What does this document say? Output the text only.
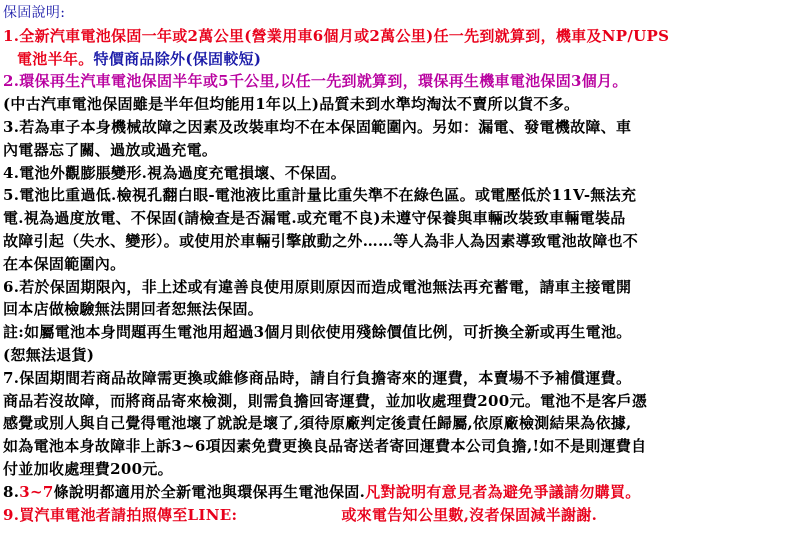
保固說明:
1.全新汽車電池保固一年或2萬公里(營業用車6個月或2萬公里)任一先到就算到，機車及NP/UPS
電池半年。特價商品除外(保固較短)
2.環保再生汽車電池保固半年或5千公里,以任一先到就算到，環保再生機車電池保固3個月。
(中古汽車電池保固雖是半年但均能用1年以上)品質未到水準均淘汰不賣所以貨不多。
3.若為車子本身機械故障之因素及改裝車均不在本保固範圍內。另如：漏電、發電機故障、車
內電器忘了關、過放或過充電。
4.電池外觀膨脹變形.視為過度充電損壞、不保固。
5.電池比重過低.檢視孔翻白眼-電池液比重計量比重失準不在綠色區。或電壓低於11V-無法充
電.視為過度放電、不保固(請檢查是否漏電.或充電不良)未遵守保養與車輛改裝致車輛電裝品
故障引起（失水、變形）。或使用於車輛引擎啟動之外……等人為非人為因素導致電池故障也不
在本保固範圍內。
6.若於保固期限內，非上述或有違善良使用原則原因而造成電池無法再充蓄電，請車主接電開
回本店做檢驗無法開回者恕無法保固。
註:如屬電池本身問題再生電池用超過3個月則依使用殘餘價值比例，可折換全新或再生電池。
(恕無法退貨)
7.保固期間若商品故障需更換或維修商品時，請自行負擔寄來的運費，本賣場不予補償運費。
商品若沒故障，而將商品寄來檢測，則需負擔回寄運費，並加收處理費200元。電池不是客戶憑
感覺或別人與自己覺得電池壞了就說是壞了,須待原廠判定後責任歸屬,依原廠檢測結果為依據,
如為電池本身故障非上訴3~6項因素免費更換良品寄送者寄回運費本公司負擔,!如不是則運費自
付並加收處理費200元。
8.3~7條說明都適用於全新電池與環保再生電池保固.凡對說明有意見者為避免爭議請勿購買。
9.買汽車電池者請拍照傳至LINE:	或來電告知公里數,沒者保固減半謝謝.
